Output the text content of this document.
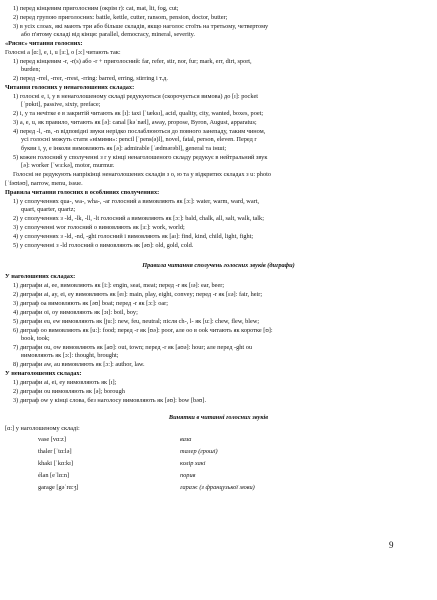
1) перед кінцевим приголосним (окрім r): cat, mat, lit, fog, cut;
2) перед групою приголосних: battle, kettle, cutter, ransom, pension, doctor, butter;
3) в усіх слоах, які мають три або більше складів, якщо наголос стоїть на третьому, четвертому
або п'ятому складі від кінця: parallel, democracy, mineral, severity.
«Ряснс» читання голосних:
Голосні a [ɑ:], e, i, u [ɜ:], o [ɔ:] читають так:
1) перед кінцевим -r, -r(s) або -r + приголосний: far, refer, stir, nor, fur; mark, err, dirt, sport,
burden;
2) перед -rrel, -rrer, -rrest, -rring: barred, erring, stirring і т.д.
Читання голосних у ненаголошених складах:
1) голосні e, i, y в ненаголошеному складі редукуються (скорочується вимова) до [ɪ]: pocket
[ˈpɒkɪt], passive, sixty, preface;
2) i, y та нечітке e в закритій читають як [ɪ]: taxi [ˈtæksɪ], acid, quality, city, wanted, boxes, poet;
3) a, e, u, як правило, читають як [ə]: canal [kəˈnæl], away, propose, Byron, August, apparatus;
4) перед -l, -m, -n відповідні звуки нерідко послаблюються до повного занепаду, таким чином,
усі голосні можуть стати «німими»: pencil [ˈpens(ə)l], novel, fatal, person, eleven. Перед r
букви i, y, e інколи вимовляють як [ə]: admirable [ˈædmərəbl], general та інші;
5) кожен голосний у сполученні з r у кінці ненаголошеного складу редукує в нейтральний звук
[ə]: worker [ˈwɜ:kə], motor, murmur.
Голосні не редукують напрікінці ненаголошених складів з o, ю та у відкритих складах з u: photo
[ˈfəʊtəʊ], narrow, menu, issue.
Правила читання голосних в особливих сполученнях:
1) у сполученнях qua-, wa-, wha-, -ar голосний a вимовляють як [ɔ:]: water, warm, ward, wart,
quart, quarter, quartz;
2) у сполученнях з -ld, -lk, -ll, -lt голосний a вимовляють як [ɔ:]: bald, chalk, all, salt, walk, talk;
3) у сполученні wor голосний o вимовляють як [ɜ:]: work, world;
4) у сполученнях з -ld, -nd, -ght голосний i вимовляють як [aɪ]: find, kind, child, light, fight;
5) у сполученні з -ld голосний o вимовляють як [əʊ]: old, gold, cold.
Правила читання сполучень голосних звуків (диграфи)
У наголошених складах:
1) диграфи ai, ee, вимовляють як [i:]: engin, seat, meat; перед -r як [ɪə]: ear, beer;
2) диграфи ai, ay, ei, ey вимовляють як [eɪ]: main, play, eight, convey; перед -r як [ɛə]: fair, heir;
3) диграф oa вимовляють як [əʊ] boat; перед -r як [ɔ:]: oar;
4) диграфи oi, oy вимовляють як [ɔɪ]: boil, boy;
5) диграфи eu, ew вимовляють як [ju:]: new, feu, neutral; після ch-, l- як [u:]: chew, flew, blew;
6) диграф oo вимовляють як [u:]: food; перед -r як [ʊə]: poor, але oo в ook читають як коротке [ʊ]:
book, took;
7) диграфи ou, ow вимовляють як [aʊ]: out, town; перед -r як [aʊə]: hour; але перед -ght ou
вимовляють як [ɔ:]: thought, brought;
8) диграфи aw, au вимовляють як [ɔ:]: author, law.
У ненаголошених складах:
1) диграфи ai, ei, ey вимовляють як [ɪ];
2) диграфи ou вимовляють як [ə]; borough
3) диграф ow у кінці слова, без наголосу вимовляють як [əʊ]: bow [bəʊ].
Винятки в читанні голосних звуків
[ɑ:] у наголошеному складі:
vase [vɑ:z]	ваза
thaler [ˈtɑ:lə]	талер (гроші)
khaki [ˈkɑ:kɪ]	колір хакі
élan [eˈlɑ:n]	порив
garage [gəˈrɑ:ʒ]	гараж (з французької мови)
9
